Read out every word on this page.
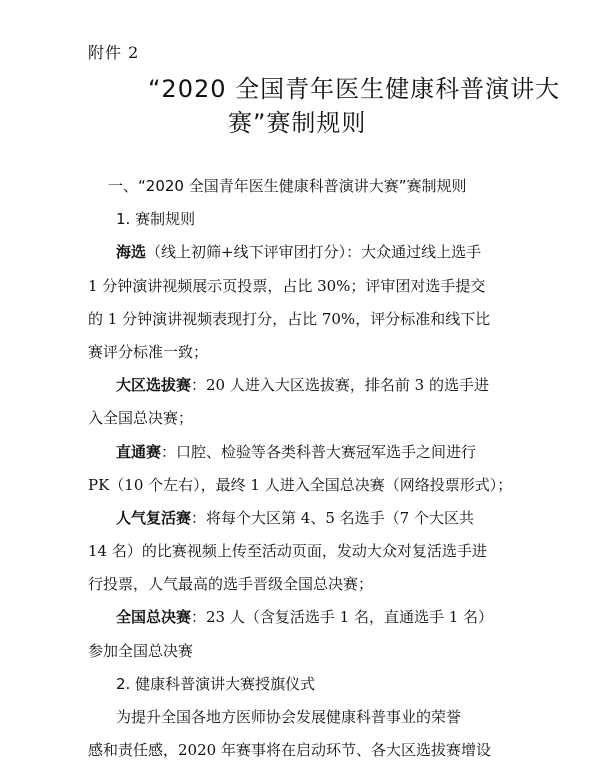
附件 2
“2020 全国青年医生健康科普演讲大
赛”赛制规则
一、“2020 全国青年医生健康科普演讲大赛”赛制规则
1. 赛制规则
海选（线上初筛+线下评审团打分）：大众通过线上选手
1 分钟演讲视频展示页投票，占比 30%；评审团对选手提交
的 1 分钟演讲视频表现打分，占比 70%，评分标准和线下比
赛评分标准一致；
大区选拔赛：20 人进入大区选拔赛，排名前 3 的选手进
入全国总决赛；
直通赛：口腔、检验等各类科普大赛冠军选手之间进行
PK（10 个左右），最终 1 人进入全国总决赛（网络投票形式）；
人气复活赛：将每个大区第 4、5 名选手（7 个大区共
14 名）的比赛视频上传至活动页面，发动大众对复活选手进
行投票，人气最高的选手晋级全国总决赛；
全国总决赛：23 人（含复活选手 1 名，直通选手 1 名）
参加全国总决赛
2. 健康科普演讲大赛授旗仪式
为提升全国各地方医师协会发展健康科普事业的荣誉
感和责任感，2020 年赛事将在启动环节、各大区选拔赛增设
